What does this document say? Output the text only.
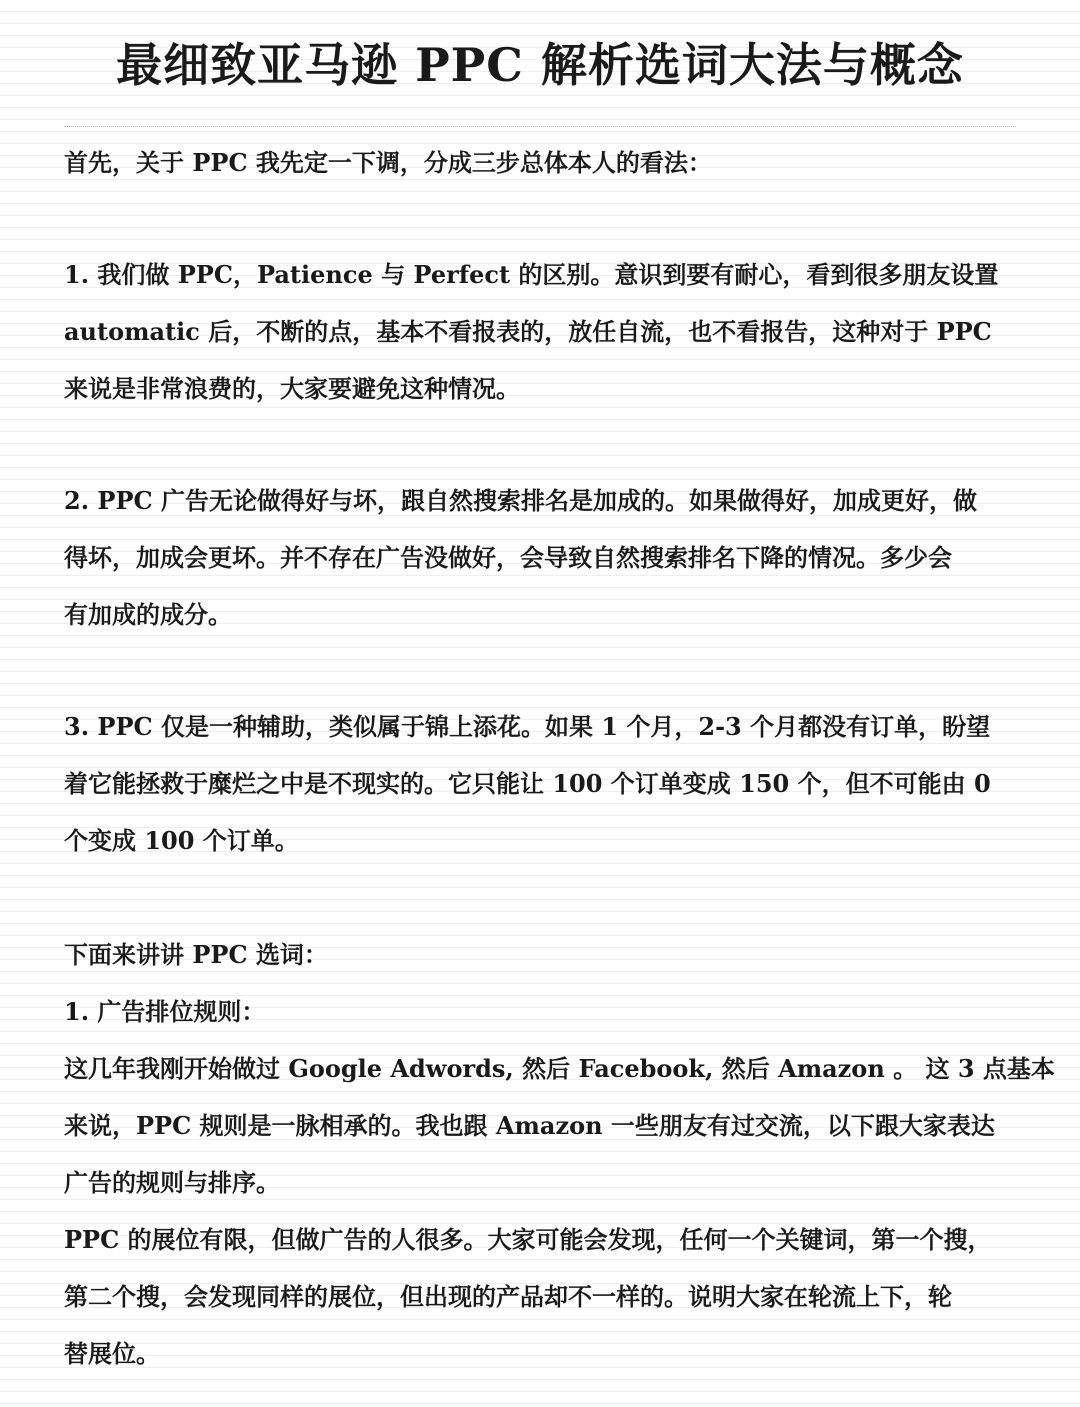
最细致亚马逊 PPC 解析选词大法与概念

首先，关于 PPC 我先定一下调，分成三步总体本人的看法：

1. 我们做 PPC，Patience 与 Perfect 的区别。意识到要有耐心，看到很多朋友设置
automatic 后，不断的点，基本不看报表的，放任自流，也不看报告，这种对于 PPC
来说是非常浪费的，大家要避免这种情况。

2. PPC 广告无论做得好与坏，跟自然搜索排名是加成的。如果做得好，加成更好，做
得坏，加成会更坏。并不存在广告没做好，会导致自然搜索排名下降的情况。多少会
有加成的成分。

3. PPC 仅是一种辅助，类似属于锦上添花。如果 1 个月，2-3 个月都没有订单，盼望
着它能拯救于糜烂之中是不现实的。它只能让 100 个订单变成 150 个，但不可能由 0
个变成 100 个订单。

下面来讲讲 PPC 选词：

1. 广告排位规则：

这几年我刚开始做过 Google Adwords, 然后 Facebook, 然后 Amazon 。 这 3 点基本
来说，PPC 规则是一脉相承的。我也跟 Amazon 一些朋友有过交流，以下跟大家表达
广告的规则与排序。

PPC 的展位有限，但做广告的人很多。大家可能会发现，任何一个关键词，第一个搜，
第二个搜，会发现同样的展位，但出现的产品却不一样的。说明大家在轮流上下，轮
替展位。
